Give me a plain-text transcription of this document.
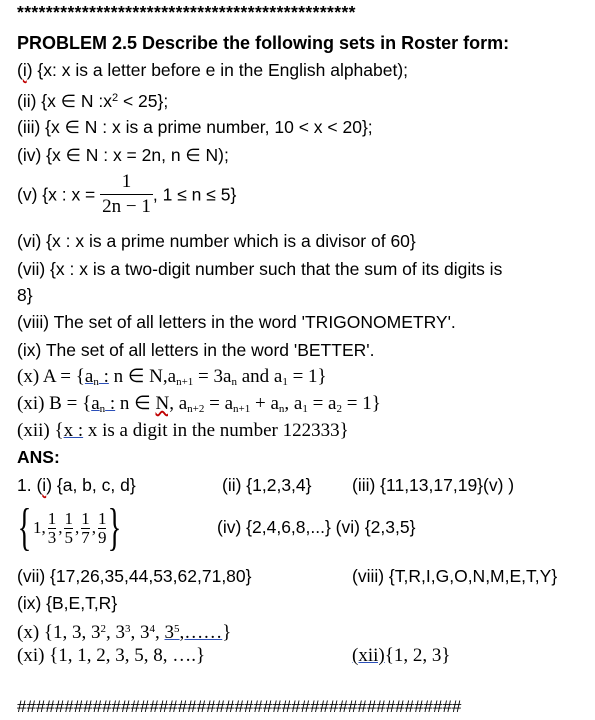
***********************************************
PROBLEM 2.5 Describe the following sets in Roster form:
(i) {x: x is a letter before e in the English alphabet);
(ii) {x ∈ N $:x^2 < 25$};
(iii) {x ∈ N : x is a prime number, 10 < x < 20};
(iv) {x ∈ N : x = 2n, n ∈ N);
(v) {x : $x = \frac{1}{2n - 1}$ , 1 ≤ n ≤ 5}
(vi) {x : x is a prime number which is a divisor of 60}
(vii) {x : x is a two-digit number such that the sum of its digits is
8}
(viii) The set of all letters in the word 'TRIGONOMETRY'.
(ix) The set of all letters in the word 'BETTER'.
(x) $A = \{a_n$ : n ∈ $N,a_{n+1} = 3a_n$ and $a_1 = 1$}
(xi) $B = \{a_n$ : n ∈ N, $a_{n+2} = a_{n+1} + a_n$, $a_1 = a_2 = 1$}
(xii) {x : x is a digit in the number 122333}
ANS:
1. (i) {a, b, c, d}	(ii) {1,2,3,4} (iii) {11,13,17,19}(v) )
{ 1, $\frac{1}{3}$ , $\frac{1}{5}$ , $\frac{1}{7}$ , $\frac{1}{9}$ }	(iv) {2,4,6,8,...} (vi) {2,3,5}
(vii) {17,26,35,44,53,62,71,80}	(viii) {T,R,I,G,O,N,M,E,T,Y}
(ix) {B,E,T,R}
(x) {1, 3, $3^2$, $3^3$, $3^4$, $3^5,\dots\dots$}
(xi) {1, 1, 2, 3, 5, 8, ….}	(xii){1, 2, 3}
###############################################
